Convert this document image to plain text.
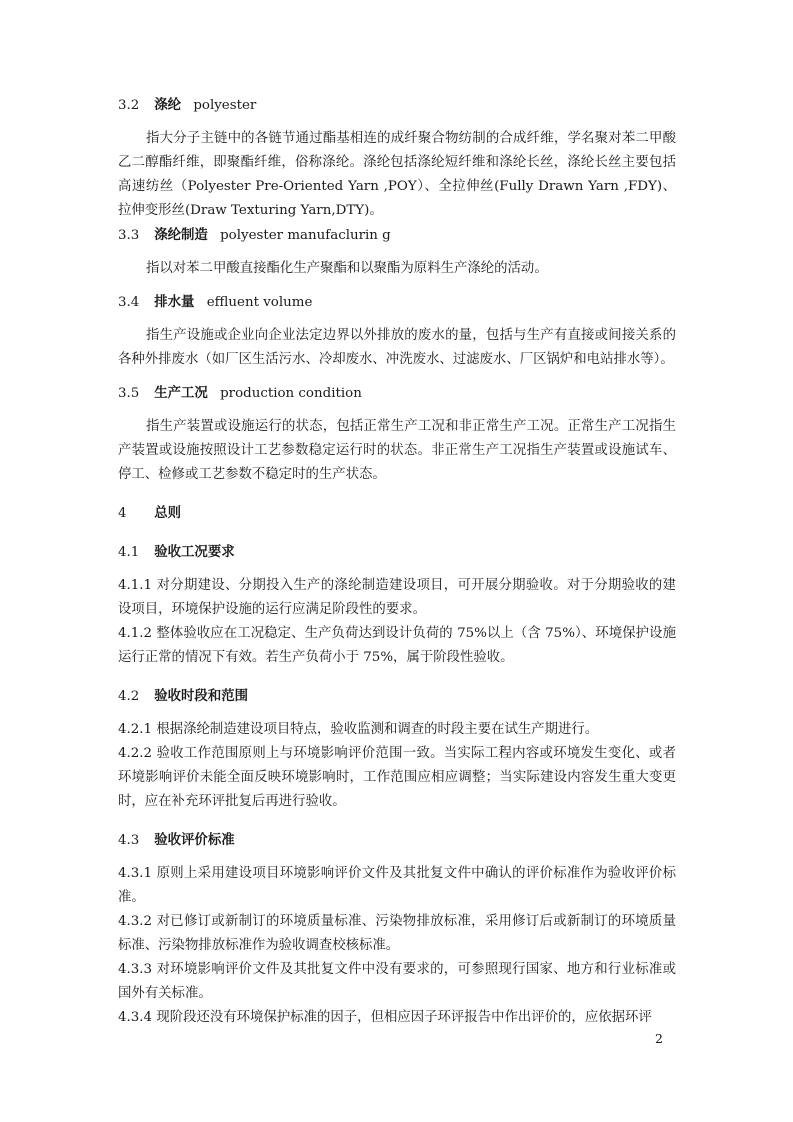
3.2 涤纶 polyester

指大分子主链中的各链节通过酯基相连的成纤聚合物纺制的合成纤维，学名聚对苯二甲酸乙二醇酯纤维，即聚酯纤维，俗称涤纶。涤纶包括涤纶短纤维和涤纶长丝，涤纶长丝主要包括高速纺丝（Polyester Pre-Oriented Yarn ,POY）、全拉伸丝(Fully Drawn Yarn ,FDY)、拉伸变形丝(Draw Texturing Yarn,DTY)。

3.3 涤纶制造 polyester manufaclurin g

指以对苯二甲酸直接酯化生产聚酯和以聚酯为原料生产涤纶的活动。

3.4 排水量 effluent volume

指生产设施或企业向企业法定边界以外排放的废水的量，包括与生产有直接或间接关系的各种外排废水（如厂区生活污水、冷却废水、冲洗废水、过滤废水、厂区锅炉和电站排水等）。

3.5 生产工况 production condition

指生产装置或设施运行的状态，包括正常生产工况和非正常生产工况。正常生产工况指生产装置或设施按照设计工艺参数稳定运行时的状态。非正常生产工况指生产装置或设施试车、停工、检修或工艺参数不稳定时的生产状态。

4 总则

4.1 验收工况要求

4.1.1 对分期建设、分期投入生产的涤纶制造建设项目，可开展分期验收。对于分期验收的建设项目，环境保护设施的运行应满足阶段性的要求。

4.1.2 整体验收应在工况稳定、生产负荷达到设计负荷的 75%以上（含 75%）、环境保护设施运行正常的情况下有效。若生产负荷小于 75%，属于阶段性验收。

4.2 验收时段和范围

4.2.1 根据涤纶制造建设项目特点，验收监测和调查的时段主要在试生产期进行。

4.2.2 验收工作范围原则上与环境影响评价范围一致。当实际工程内容或环境发生变化、或者环境影响评价未能全面反映环境影响时，工作范围应相应调整；当实际建设内容发生重大变更时，应在补充环评批复后再进行验收。

4.3 验收评价标准

4.3.1 原则上采用建设项目环境影响评价文件及其批复文件中确认的评价标准作为验收评价标准。

4.3.2 对已修订或新制订的环境质量标准、污染物排放标准，采用修订后或新制订的环境质量标准、污染物排放标准作为验收调查校核标准。

4.3.3 对环境影响评价文件及其批复文件中没有要求的，可参照现行国家、地方和行业标准或国外有关标准。

4.3.4 现阶段还没有环境保护标准的因子，但相应因子环评报告中作出评价的，应依据环评

2
